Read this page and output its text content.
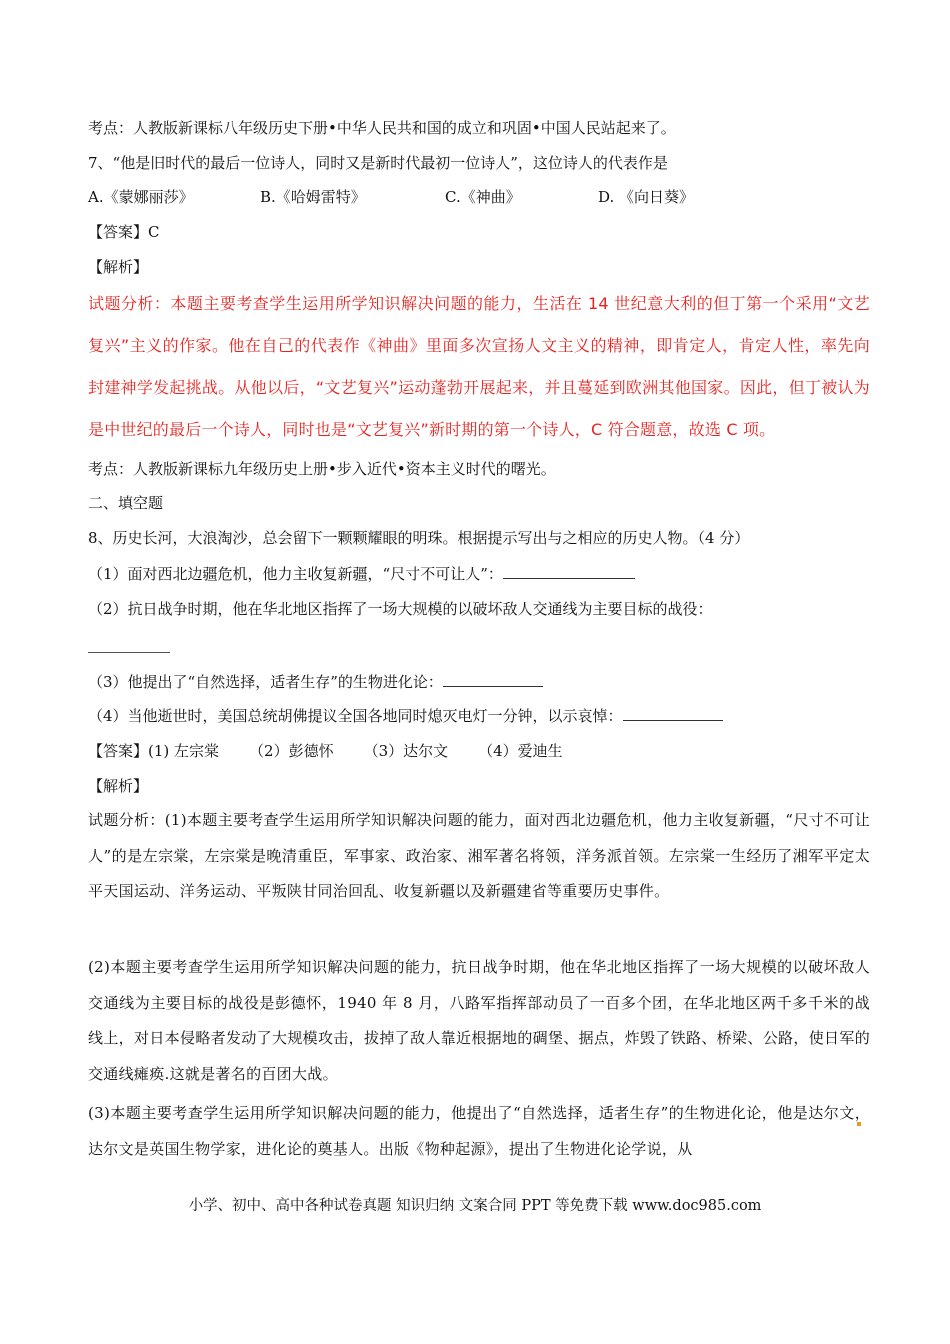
考点：人教版新课标八年级历史下册•中华人民共和国的成立和巩固•中国人民站起来了。
7、“他是旧时代的最后一位诗人，同时又是新时代最初一位诗人”，这位诗人的代表作是
A.《蒙娜丽莎》	B.《哈姆雷特》	C.《神曲》	D. 《向日葵》
【答案】C
【解析】
试题分析：本题主要考查学生运用所学知识解决问题的能力，生活在 14 世纪意大利的但丁第一个采用“文艺复兴”主义的作家。他在自己的代表作《神曲》里面多次宣扬人文主义的精神，即肯定人，肯定人性，率先向封建神学发起挑战。从他以后，“文艺复兴”运动蓬勃开展起来，并且蔓延到欧洲其他国家。因此，但丁被认为是中世纪的最后一个诗人，同时也是“文艺复兴”新时期的第一个诗人，C 符合题意，故选 C 项。
考点：人教版新课标九年级历史上册•步入近代•资本主义时代的曙光。
二、填空题
8、历史长河，大浪淘沙，总会留下一颗颗耀眼的明珠。根据提示写出与之相应的历史人物。（4 分）
（1）面对西北边疆危机，他力主收复新疆，“尺寸不可让人”：
（2）抗日战争时期，他在华北地区指挥了一场大规模的以破坏敌人交通线为主要目标的战役：
（3）他提出了“自然选择，适者生存”的生物进化论：
（4）当他逝世时，美国总统胡佛提议全国各地同时熄灭电灯一分钟，以示哀悼：
【答案】(1) 左宗棠 （2）彭德怀 （3）达尔文 （4）爱迪生
【解析】
试题分析：(1)本题主要考查学生运用所学知识解决问题的能力，面对西北边疆危机，他力主收复新疆，“尺寸不可让人”的是左宗棠，左宗棠是晚清重臣，军事家、政治家、湘军著名将领，洋务派首领。左宗棠一生经历了湘军平定太平天国运动、洋务运动、平叛陕甘同治回乱、收复新疆以及新疆建省等重要历史事件。
(2)本题主要考查学生运用所学知识解决问题的能力，抗日战争时期，他在华北地区指挥了一场大规模的以破坏敌人交通线为主要目标的战役是彭德怀，1940 年 8 月，八路军指挥部动员了一百多个团，在华北地区两千多千米的战线上，对日本侵略者发动了大规模攻击，拔掉了敌人靠近根据地的碉堡、据点，炸毁了铁路、桥梁、公路，使日军的交通线瘫痪.这就是著名的百团大战。
(3)本题主要考查学生运用所学知识解决问题的能力，他提出了“自然选择，适者生存”的生物进化论，他是达尔文，达尔文是英国生物学家，进化论的奠基人。出版《物种起源》，提出了生物进化论学说，从
小学、初中、高中各种试卷真题 知识归纳 文案合同 PPT 等免费下载 www.doc985.com
